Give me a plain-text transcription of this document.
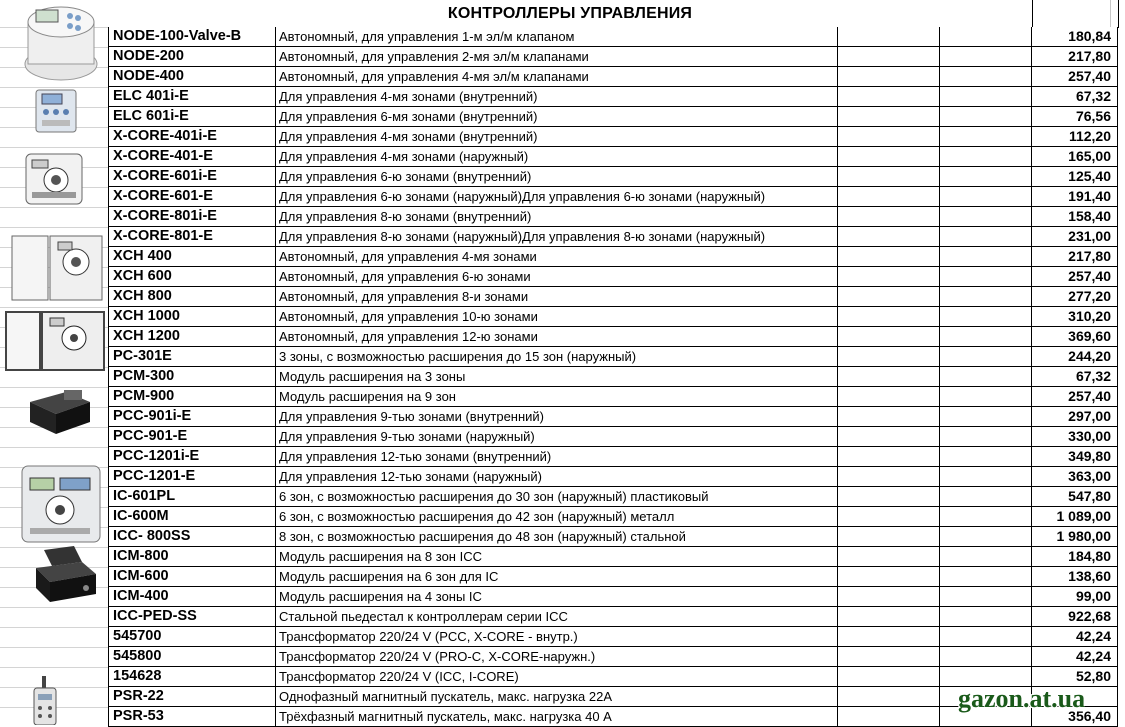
КОНТРОЛЛЕРЫ УПРАВЛЕНИЯ
NODE-100-Valve-B	Автономный, для управления 1-м эл/м клапаном	180,84
NODE-200	Автономный, для управления 2-мя эл/м клапанами	217,80
NODE-400	Автономный, для управления 4-мя эл/м клапанами	257,40
ELC 401i-E	Для управления 4-мя зонами (внутренний)	67,32
ELC 601i-E	Для управления 6-мя зонами (внутренний)	76,56
X-CORE-401i-E	Для управления 4-мя зонами (внутренний)	112,20
X-CORE-401-E	Для управления 4-мя зонами (наружный)	165,00
X-CORE-601i-E	Для управления 6-ю зонами (внутренний)	125,40
X-CORE-601-E	Для управления 6-ю зонами (наружный)Для управления 6-ю зонами (наружный)	191,40
X-CORE-801i-E	Для управления 8-ю зонами (внутренний)	158,40
X-CORE-801-E	Для управления 8-ю зонами (наружный)Для управления 8-ю зонами (наружный)	231,00
XCH 400	Автономный, для управления 4-мя зонами	217,80
XCH 600	Автономный, для управления 6-ю зонами	257,40
XCH 800	Автономный, для управления 8-и зонами	277,20
XCH 1000	Автономный, для управления 10-ю зонами	310,20
XCH 1200	Автономный, для управления 12-ю зонами	369,60
PC-301E	3 зоны, с возможностью расширения до 15 зон (наружный)	244,20
PCM-300	Модуль расширения на 3 зоны	67,32
PCM-900	Модуль расширения на 9 зон	257,40
PCC-901i-E	Для управления 9-тью зонами (внутренний)	297,00
PCC-901-E	Для управления 9-тью зонами (наружный)	330,00
PCC-1201i-E	Для управления 12-тью зонами (внутренний)	349,80
PCC-1201-E	Для управления 12-тью зонами (наружный)	363,00
IC-601PL	6 зон, с возможностью расширения до 30 зон (наружный) пластиковый	547,80
IC-600M	6 зон, с возможностью расширения до 42 зон (наружный) металл	1 089,00
ICC- 800SS	8 зон, с возможностью расширения до 48 зон (наружный) стальной	1 980,00
ICM-800	Модуль расширения на 8 зон ICC	184,80
ICM-600	Модуль расширения на 6 зон для IC	138,60
ICM-400	Модуль расширения на 4 зоны IC	99,00
ICC-PED-SS	Стальной пьедестал к контроллерам серии ICC	922,68
545700	Трансформатор 220/24 V (PCC, X-CORE - внутр.)	42,24
545800	Трансформатор 220/24 V (PRO-C, X-CORE-наружн.)	42,24
154628	Трансформатор 220/24 V (ICC, I-CORE)	52,80
PSR-22	Однофазный магнитный пускатель, макс. нагрузка 22А
PSR-53	Трёхфазный магнитный пускатель, макс. нагрузка 40 А	356,40
gazon.at.ua
